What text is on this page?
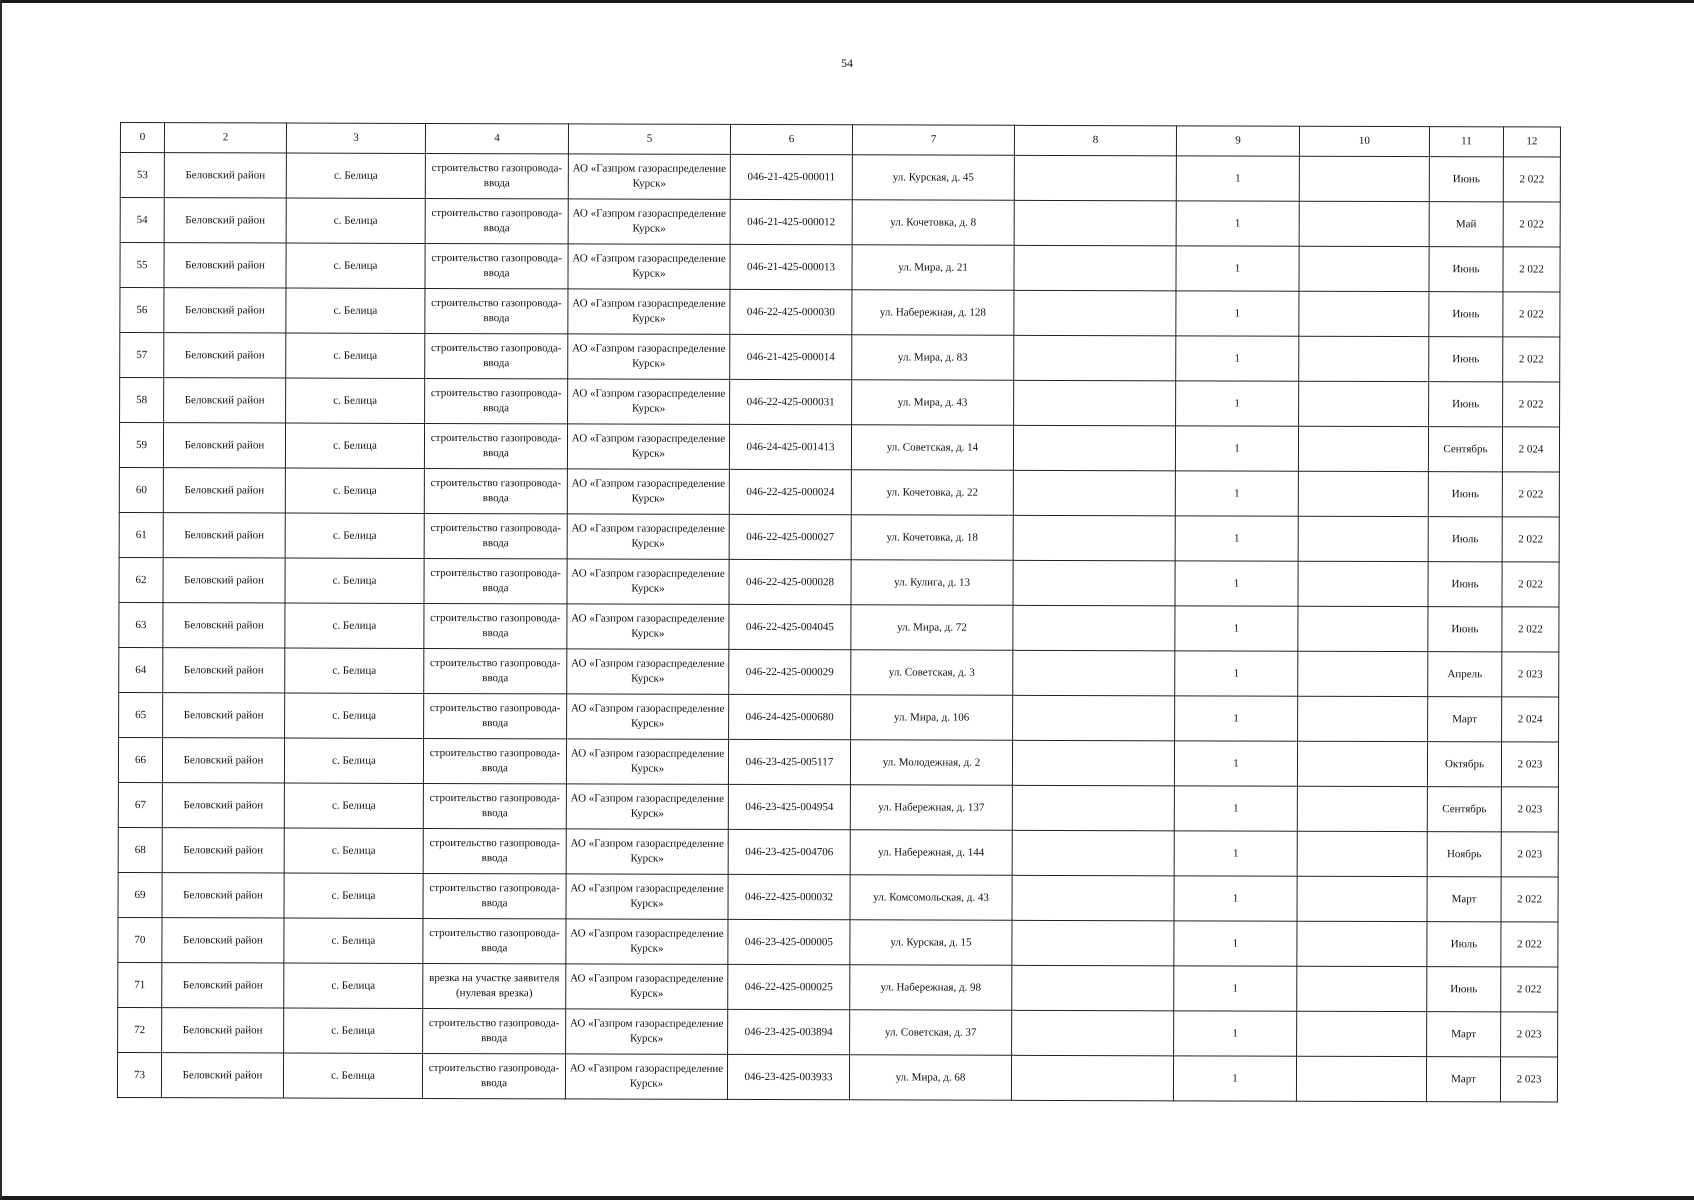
54
0	2	3	4	5	6	7	8	9	10	11	12
53	Беловский район	с. Белица	строительство газопровода-ввода	АО «Газпром газораспределение Курск»	046-21-425-000011	ул. Курская, д. 45		1		Июнь	2 022
54	Беловский район	с. Белица	строительство газопровода-ввода	АО «Газпром газораспределение Курск»	046-21-425-000012	ул. Кочетовка, д. 8		1		Май	2 022
55	Беловский район	с. Белица	строительство газопровода-ввода	АО «Газпром газораспределение Курск»	046-21-425-000013	ул. Мира, д. 21		1		Июнь	2 022
56	Беловский район	с. Белица	строительство газопровода-ввода	АО «Газпром газораспределение Курск»	046-22-425-000030	ул. Набережная, д. 128		1		Июнь	2 022
57	Беловский район	с. Белица	строительство газопровода-ввода	АО «Газпром газораспределение Курск»	046-21-425-000014	ул. Мира, д. 83		1		Июнь	2 022
58	Беловский район	с. Белица	строительство газопровода-ввода	АО «Газпром газораспределение Курск»	046-22-425-000031	ул. Мира, д. 43		1		Июнь	2 022
59	Беловский район	с. Белица	строительство газопровода-ввода	АО «Газпром газораспределение Курск»	046-24-425-001413	ул. Советская, д. 14		1		Сентябрь	2 024
60	Беловский район	с. Белица	строительство газопровода-ввода	АО «Газпром газораспределение Курск»	046-22-425-000024	ул. Кочетовка, д. 22		1		Июнь	2 022
61	Беловский район	с. Белица	строительство газопровода-ввода	АО «Газпром газораспределение Курск»	046-22-425-000027	ул. Кочетовка, д. 18		1		Июль	2 022
62	Беловский район	с. Белица	строительство газопровода-ввода	АО «Газпром газораспределение Курск»	046-22-425-000028	ул. Кулига, д. 13		1		Июнь	2 022
63	Беловский район	с. Белица	строительство газопровода-ввода	АО «Газпром газораспределение Курск»	046-22-425-004045	ул. Мира, д. 72		1		Июнь	2 022
64	Беловский район	с. Белица	строительство газопровода-ввода	АО «Газпром газораспределение Курск»	046-22-425-000029	ул. Советская, д. 3		1		Апрель	2 023
65	Беловский район	с. Белица	строительство газопровода-ввода	АО «Газпром газораспределение Курск»	046-24-425-000680	ул. Мира, д. 106		1		Март	2 024
66	Беловский район	с. Белица	строительство газопровода-ввода	АО «Газпром газораспределение Курск»	046-23-425-005117	ул. Молодежная, д. 2		1		Октябрь	2 023
67	Беловский район	с. Белица	строительство газопровода-ввода	АО «Газпром газораспределение Курск»	046-23-425-004954	ул. Набережная, д. 137		1		Сентябрь	2 023
68	Беловский район	с. Белица	строительство газопровода-ввода	АО «Газпром газораспределение Курск»	046-23-425-004706	ул. Набережная, д. 144		1		Ноябрь	2 023
69	Беловский район	с. Белица	строительство газопровода-ввода	АО «Газпром газораспределение Курск»	046-22-425-000032	ул. Комсомольская, д. 43		1		Март	2 022
70	Беловский район	с. Белица	строительство газопровода-ввода	АО «Газпром газораспределение Курск»	046-23-425-000005	ул. Курская, д. 15		1		Июль	2 022
71	Беловский район	с. Белица	врезка на участке заявителя (нулевая врезка)	АО «Газпром газораспределение Курск»	046-22-425-000025	ул. Набережная, д. 98		1		Июнь	2 022
72	Беловский район	с. Белица	строительство газопровода-ввода	АО «Газпром газораспределение Курск»	046-23-425-003894	ул. Советская, д. 37		1		Март	2 023
73	Беловский район	с. Белица	строительство газопровода-ввода	АО «Газпром газораспределение Курск»	046-23-425-003933	ул. Мира, д. 68		1		Март	2 023
